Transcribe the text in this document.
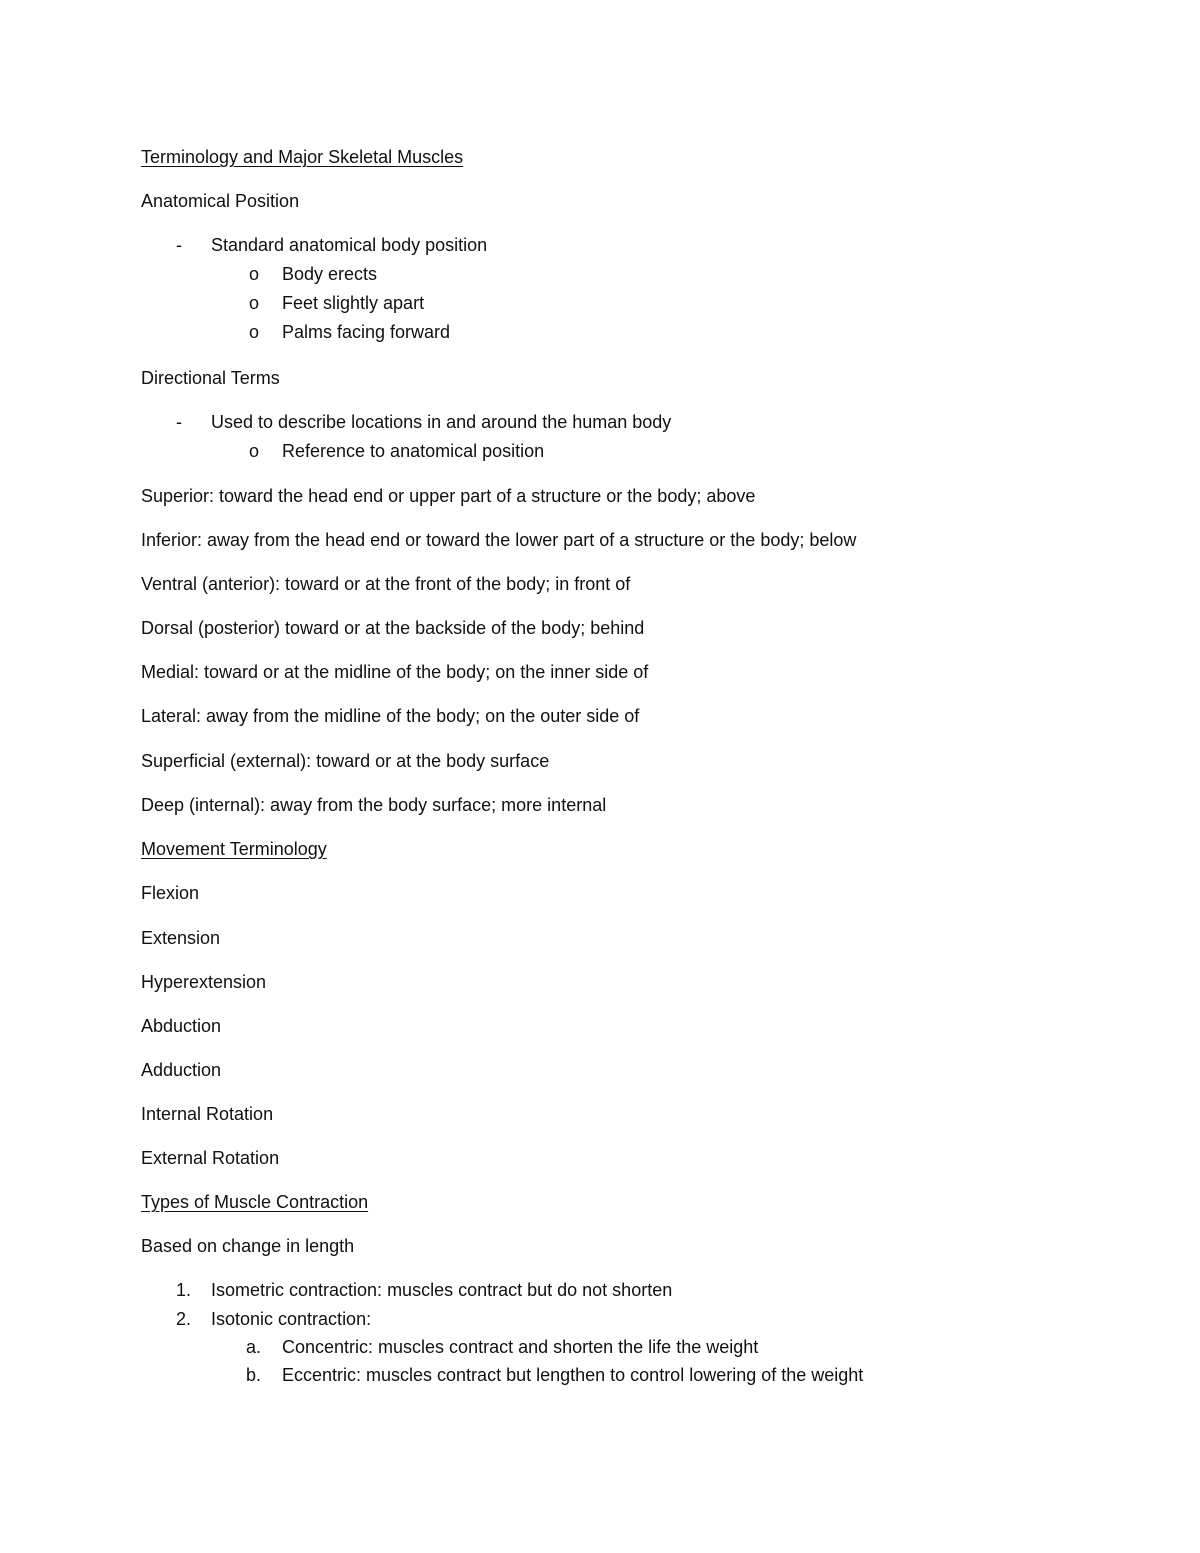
Terminology and Major Skeletal Muscles
Anatomical Position
- Standard anatomical body position
o Body erects
o Feet slightly apart
o Palms facing forward
Directional Terms
- Used to describe locations in and around the human body
o Reference to anatomical position
Superior: toward the head end or upper part of a structure or the body; above
Inferior: away from the head end or toward the lower part of a structure or the body; below
Ventral (anterior): toward or at the front of the body; in front of
Dorsal (posterior) toward or at the backside of the body; behind
Medial: toward or at the midline of the body; on the inner side of
Lateral: away from the midline of the body; on the outer side of
Superficial (external): toward or at the body surface
Deep (internal): away from the body surface; more internal
Movement Terminology
Flexion
Extension
Hyperextension
Abduction
Adduction
Internal Rotation
External Rotation
Types of Muscle Contraction
Based on change in length
1. Isometric contraction: muscles contract but do not shorten
2. Isotonic contraction:
a. Concentric: muscles contract and shorten the life the weight
b. Eccentric: muscles contract but lengthen to control lowering of the weight
